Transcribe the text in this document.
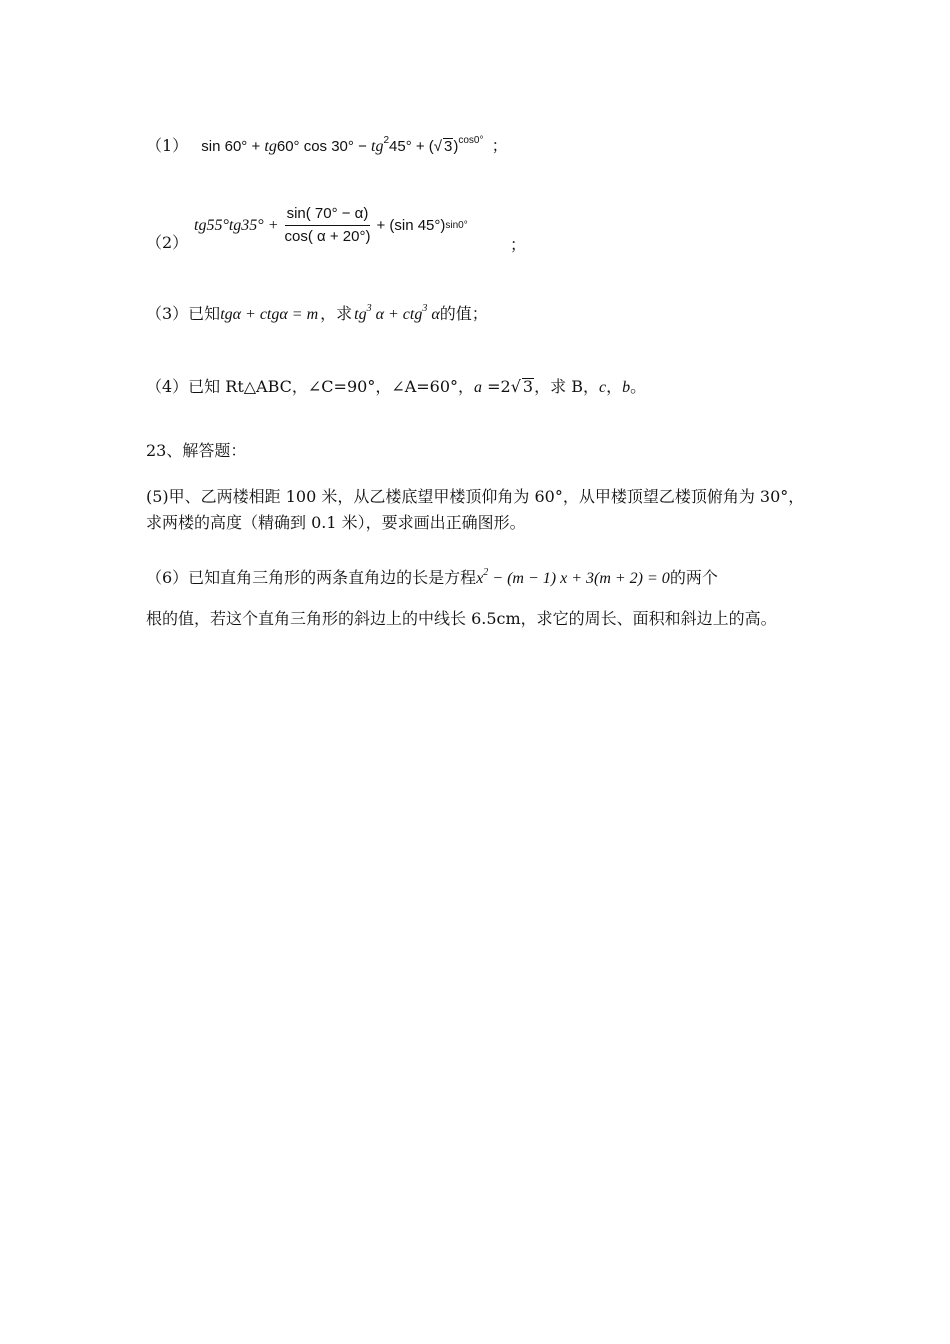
（1） sin 60° + tg60° $\cos 30^\circ - tg^245^\circ$ + (√ 3)$^{cos0^\circ}$ ；
（2）
$tg55^\circ tg35^\circ + \frac{\sin( 70^\circ - \alpha)}{\cos( \alpha + 20^\circ)} + (\sin$ 45°) sin0°
；
（3）已知tgα + ctgα = m ，求 $tg^3$ α + ctg$^3$ α的值；
（4）已知 Rt△ABC，∠C=90°，∠A=60°，a =2√ 3，求 B，c，b。
23、解答题：
(5)甲、乙两楼相距 100 米，从乙楼底望甲楼顶仰角为 60°，从甲楼顶望乙楼顶俯角为 30°，求两楼的高度（精确到 0.1 米），要求画出正确图形。
（6）已知直角三角形的两条直角边的长是方程$x^2 - (m - 1) x + 3(m + 2) = 0$的两个
根的值，若这个直角三角形的斜边上的中线长 6.5cm，求它的周长、面积和斜边上的高。
